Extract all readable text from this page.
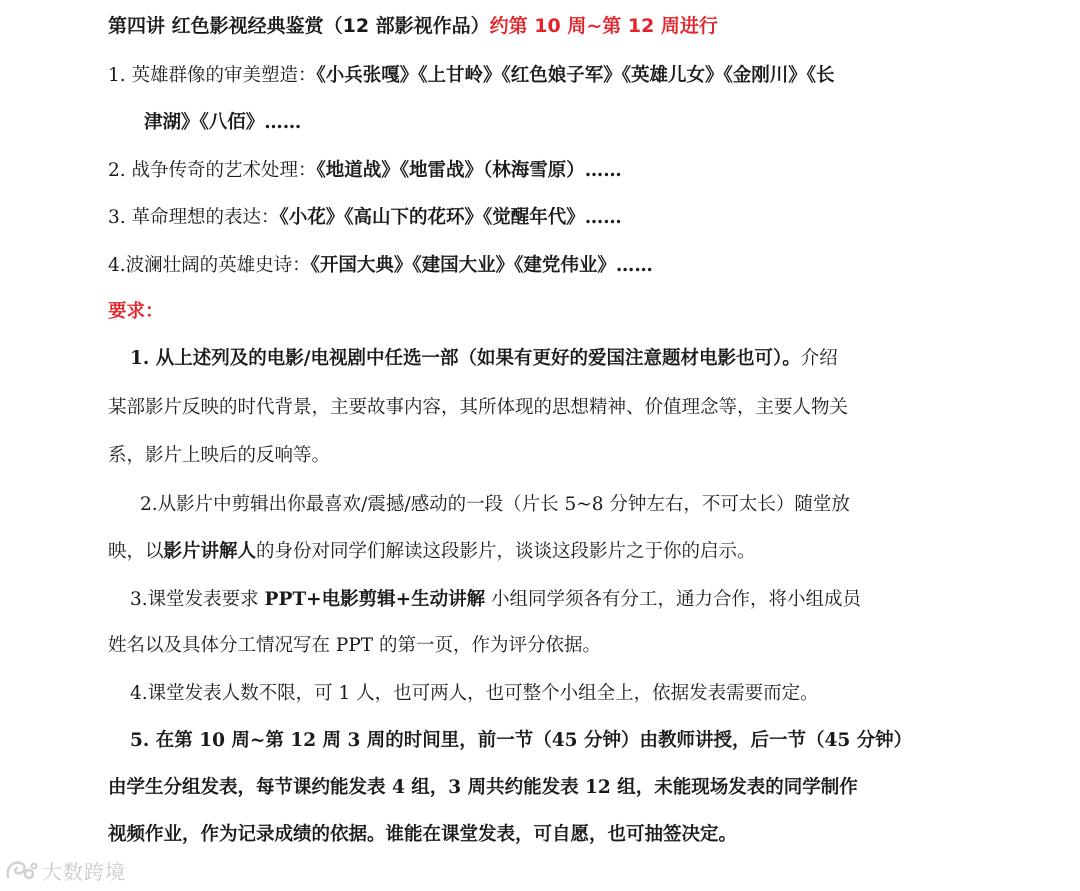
第四讲 红色影视经典鉴赏（12 部影视作品）约第 10 周~第 12 周进行
1. 英雄群像的审美塑造：《小兵张嘎》《上甘岭》《红色娘子军》《英雄儿女》《金刚川》《长
津湖》《八佰》……
2. 战争传奇的艺术处理：《地道战》《地雷战》（林海雪原）……
3. 革命理想的表达：《小花》《高山下的花环》《觉醒年代》……
4.波澜壮阔的英雄史诗：《开国大典》《建国大业》《建党伟业》……
要求：
1. 从上述列及的电影/电视剧中任选一部（如果有更好的爱国注意题材电影也可）。介绍
某部影片反映的时代背景，主要故事内容，其所体现的思想精神、价值理念等，主要人物关
系，影片上映后的反响等。
2.从影片中剪辑出你最喜欢/震撼/感动的一段（片长 5~8 分钟左右，不可太长）随堂放
映，以影片讲解人的身份对同学们解读这段影片，谈谈这段影片之于你的启示。
3.课堂发表要求 PPT+电影剪辑+生动讲解 小组同学须各有分工，通力合作，将小组成员
姓名以及具体分工情况写在 PPT 的第一页，作为评分依据。
4.课堂发表人数不限，可 1 人，也可两人，也可整个小组全上，依据发表需要而定。
5. 在第 10 周~第 12 周 3 周的时间里，前一节（45 分钟）由教师讲授，后一节（45 分钟）
由学生分组发表，每节课约能发表 4 组，3 周共约能发表 12 组，未能现场发表的同学制作
视频作业，作为记录成绩的依据。谁能在课堂发表，可自愿，也可抽签决定。
大数跨境
